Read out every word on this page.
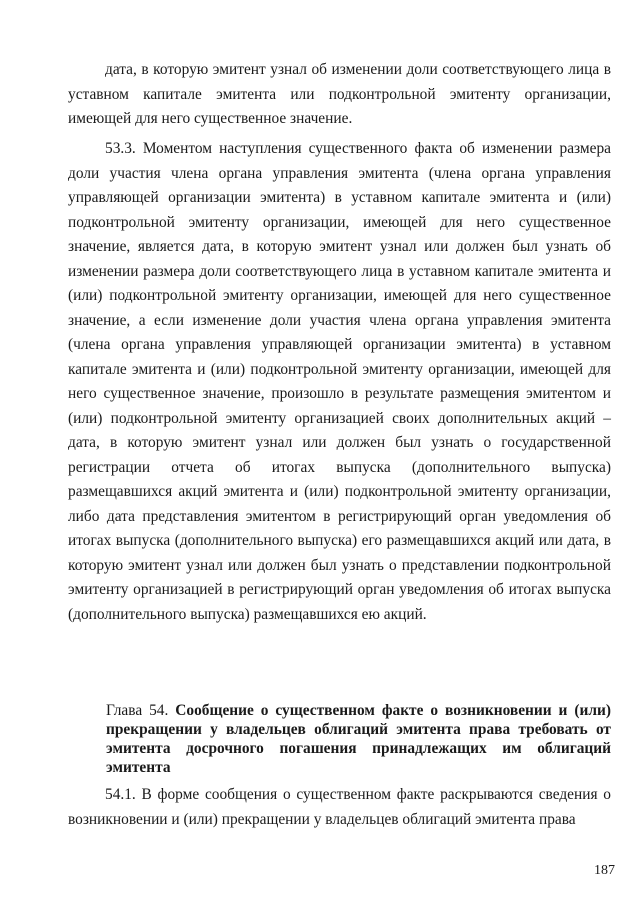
дата, в которую эмитент узнал об изменении доли соответствующего лица в уставном капитале эмитента или подконтрольной эмитенту организации, имеющей для него существенное значение.

53.3. Моментом наступления существенного факта об изменении размера доли участия члена органа управления эмитента (члена органа управления управляющей организации эмитента) в уставном капитале эмитента и (или) подконтрольной эмитенту организации, имеющей для него существенное значение, является дата, в которую эмитент узнал или должен был узнать об изменении размера доли соответствующего лица в уставном капитале эмитента и (или) подконтрольной эмитенту организации, имеющей для него существенное значение, а если изменение доли участия члена органа управления эмитента (члена органа управления управляющей организации эмитента) в уставном капитале эмитента и (или) подконтрольной эмитенту организации, имеющей для него существенное значение, произошло в результате размещения эмитентом и (или) подконтрольной эмитенту организацией своих дополнительных акций – дата, в которую эмитент узнал или должен был узнать о государственной регистрации отчета об итогах выпуска (дополнительного выпуска) размещавшихся акций эмитента и (или) подконтрольной эмитенту организации, либо дата представления эмитентом в регистрирующий орган уведомления об итогах выпуска (дополнительного выпуска) его размещавшихся акций или дата, в которую эмитент узнал или должен был узнать о представлении подконтрольной эмитенту организацией в регистрирующий орган уведомления об итогах выпуска (дополнительного выпуска) размещавшихся ею акций.

Глава 54. Сообщение о существенном факте о возникновении и (или) прекращении у владельцев облигаций эмитента права требовать от эмитента досрочного погашения принадлежащих им облигаций эмитента

54.1. В форме сообщения о существенном факте раскрываются сведения о возникновении и (или) прекращении у владельцев облигаций эмитента права

187
